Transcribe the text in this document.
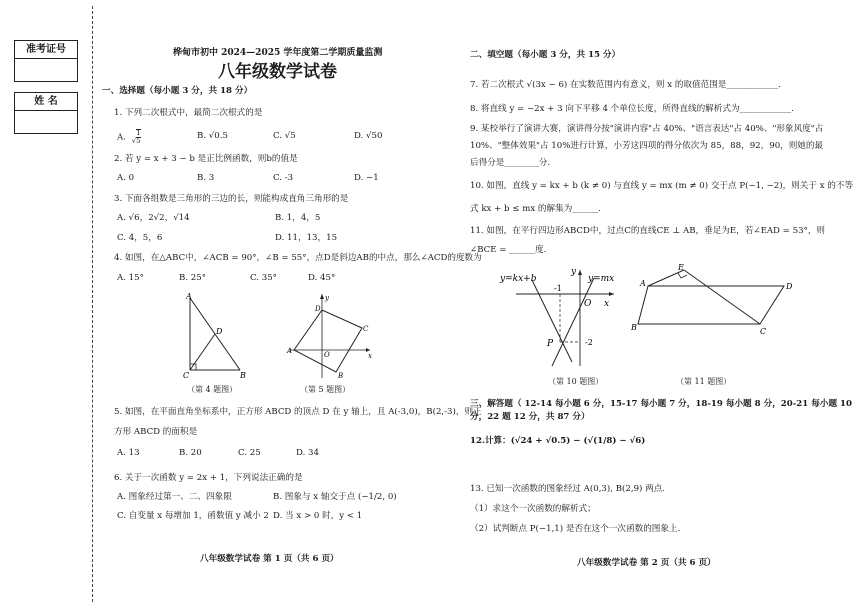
准考证号
姓 名
桦甸市初中 2024—2025 学年度第二学期质量监测
八年级数学试卷
一、选择题（每小题 3 分，共 18 分）
1. 下列二次根式中，最简二次根式的是
A. √ $\frac{1}{5}$	B. √0.5	C. √5	D. √50
2. 若 y = x + 3 − b 是正比例函数，则b的值是
A. 0	B. 3	C. -3	D. −1
3. 下面各组数是三角形的三边的长，则能构成直角三角形的是
A. √6，2√2，√14	B. 1，4，5
C. 4，5，6	D. 11，13，15
4. 如图，在△ABC中，∠ACB = 90°，∠B = 55°，点D是斜边AB的中点，那么∠ACD的度数为
A. 15°	B. 25°	C. 35°	D. 45°
A
D
C	B
（第 4 题图）
y
x
A
D
C
B
O
（第 5 题图）
5. 如图，在平面直角坐标系中，正方形 ABCD 的顶点 D 在 y 轴上，且 A(-3,0)，B(2,-3)，则正
方形 ABCD 的面积是
A. 13	B. 20	C. 25	D. 34
6. 关于一次函数 y = 2x + 1，下列说法正确的是
A. 图象经过第一、二、四象限	B. 图象与 x 轴交于点 (−1/2, 0)
C. 自变量 x 每增加 1，函数值 y 减小 2 D. 当 x > 0 时，y < 1
八年级数学试卷 第 1 页（共 6 页）
二、填空题（每小题 3 分，共 15 分）
7. 若二次根式 √(3x − 6) 在实数范围内有意义，则 x 的取值范围是____________.
8. 将直线 y = −2x + 3 向下平移 4 个单位长度，所得直线的解析式为____________.
9. 某校举行了演讲大赛，演讲得分按"演讲内容"占 40%、"语言表达"占 40%、"形象风度"占
10%、"整体效果"占 10%进行计算，小芳这四项的得分依次为 85，88，92，90，则她的最
后得分是________分.
10. 如图，直线 y = kx + b (k ≠ 0) 与直线 y = mx (m ≠ 0) 交于点 P(−1, −2)，则关于 x 的不等
式 kx + b ≤ mx 的解集为______.
11. 如图，在平行四边形ABCD中，过点C的直线CE ⊥ AB，垂足为E，若∠EAD = 53°，则
∠BCE = ______度.
y=kx+b	y=mx
y
x
O
-1
-2
P
（第 10 题图）
E
A	D
B	C
（第 11 题图）
三、解答题（ 12-14 每小题 6 分，15-17 每小题 7 分，18-19 每小题 8 分，20-21 每小题 10
分，22 题 12 分，共 87 分）
12.计算：(√24 + √0.5) − (√(1/8) − √6)
13. 已知一次函数的图象经过 A(0,3), B(2,9) 两点.
（1）求这个一次函数的解析式；
（2）试判断点 P(−1,1) 是否在这个一次函数的图象上.
八年级数学试卷 第 2 页（共 6 页）
